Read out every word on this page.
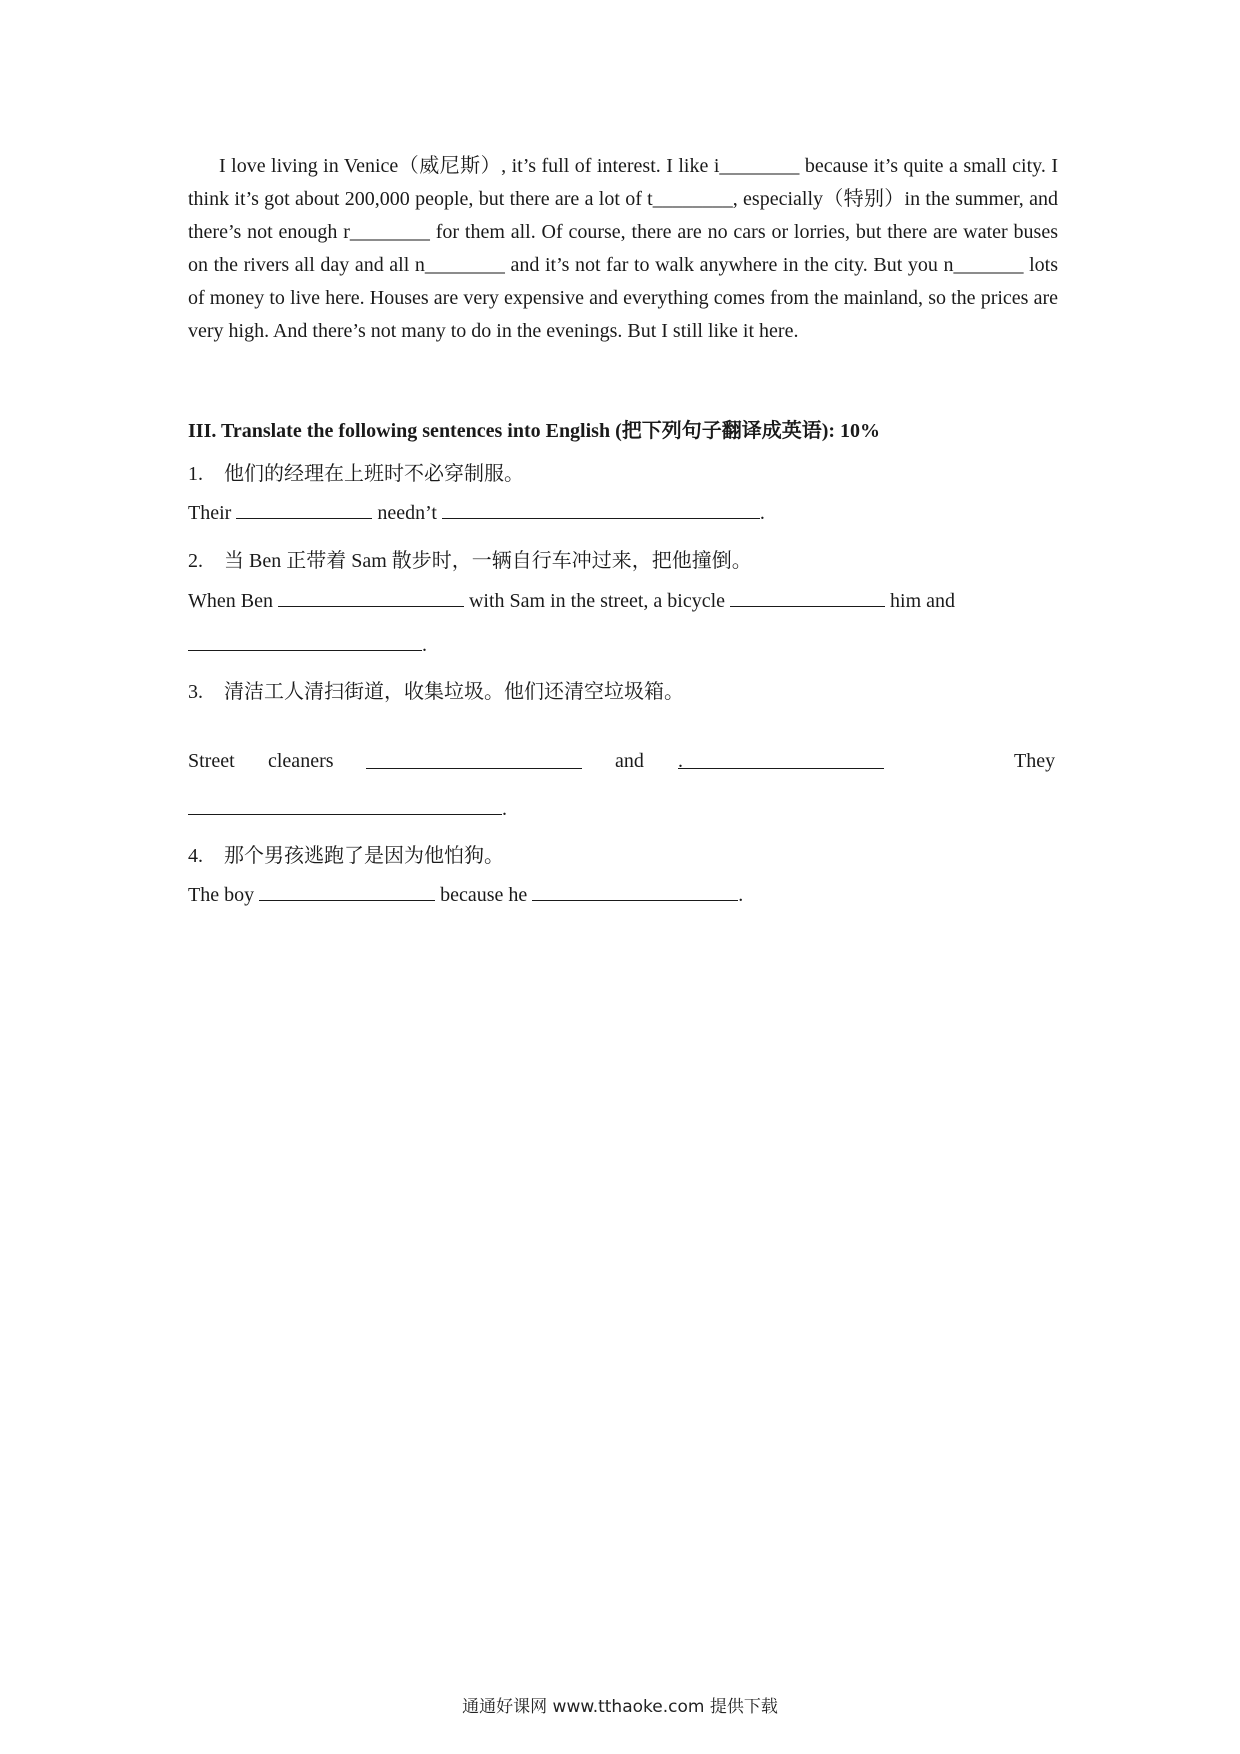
I love living in Venice（威尼斯）, it’s full of interest. I like i________ because it’s quite a small city. I think it’s got about 200,000 people, but there are a lot of t________, especially（特别）in the summer, and there’s not enough r________ for them all. Of course, there are no cars or lorries, but there are water buses on the rivers all day and all n________ and it’s not far to walk anywhere in the city. But you n_______ lots of money to live here. Houses are very expensive and everything comes from the mainland, so the prices are very high. And there’s not many to do in the evenings. But I still like it here.
III. Translate the following sentences into English (把下列句子翻译成英语): 10%
1. 他们的经理在上班时不必穿制服。
Their	needn’t	.
2. 当 Ben 正带着 Sam 散步时，一辆自行车冲过来，把他撞倒。
When Ben	with Sam in the street, a bicycle	him and
.
3. 清洁工人清扫街道，收集垃圾。他们还清空垃圾箱。
Street cleaners	and .	They
.
4. 那个男孩逃跑了是因为他怕狗。
The boy	because he	.
通通好课网 www.tthaoke.com 提供下载
